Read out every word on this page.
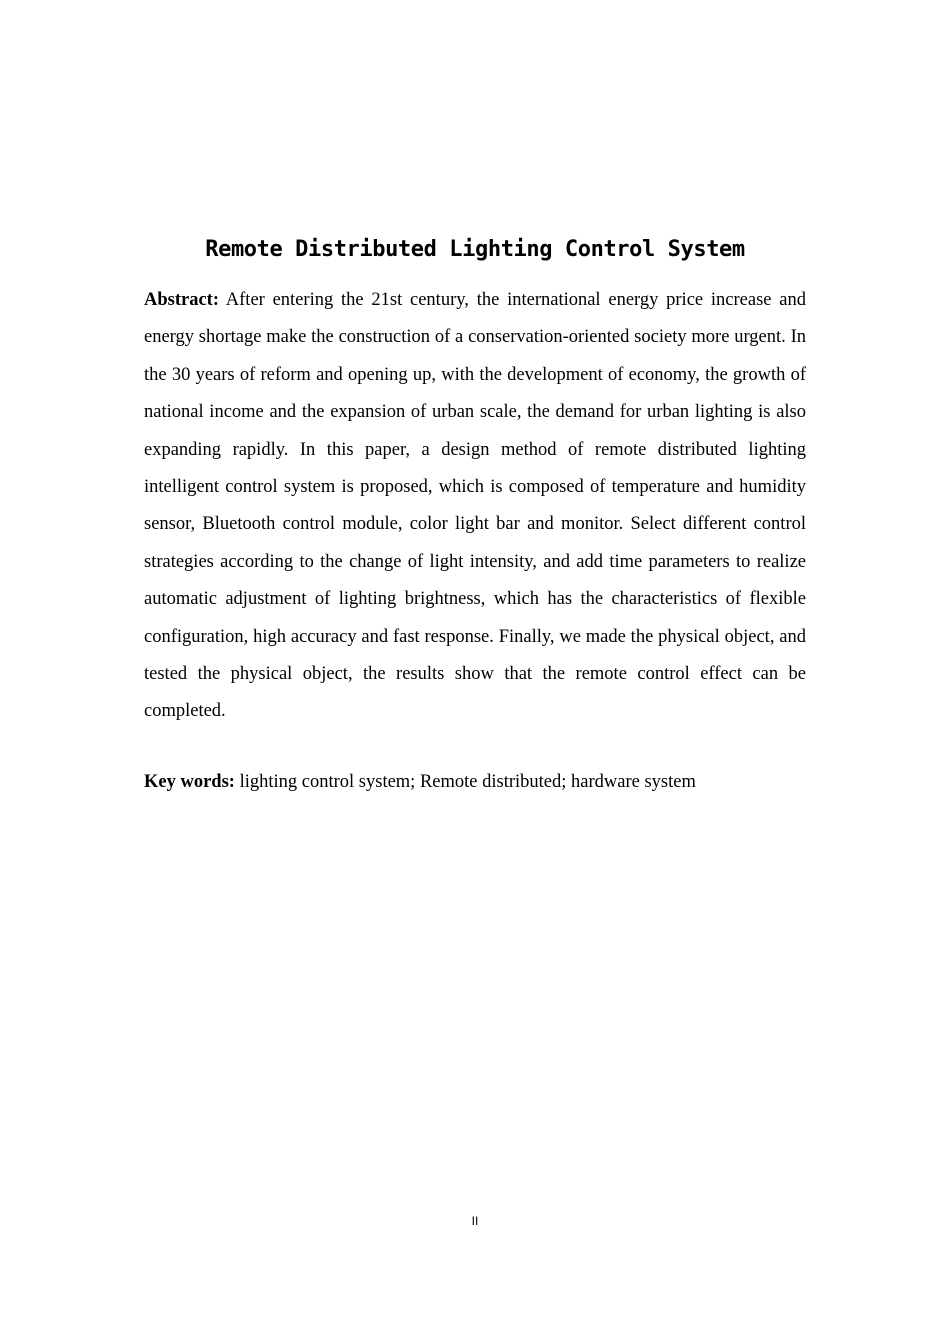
Remote Distributed Lighting Control System

Abstract: After entering the 21st century, the international energy price increase and energy shortage make the construction of a conservation-oriented society more urgent. In the 30 years of reform and opening up, with the development of economy, the growth of national income and the expansion of urban scale, the demand for urban lighting is also expanding rapidly. In this paper, a design method of remote distributed lighting intelligent control system is proposed, which is composed of temperature and humidity sensor, Bluetooth control module, color light bar and monitor. Select different control strategies according to the change of light intensity, and add time parameters to realize automatic adjustment of lighting brightness, which has the characteristics of flexible configuration, high accuracy and fast response. Finally, we made the physical object, and tested the physical object, the results show that the remote control effect can be completed.

Key words: lighting control system; Remote distributed; hardware system

II
